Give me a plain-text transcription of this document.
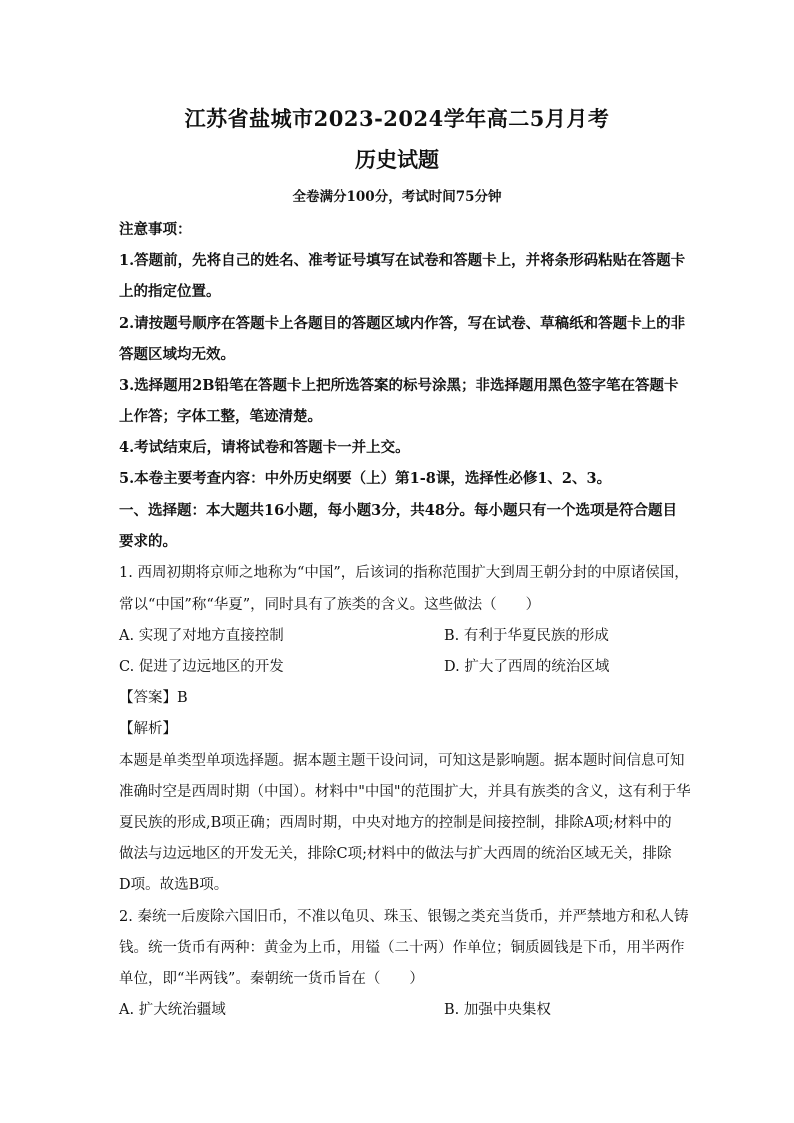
江苏省盐城市2023-2024学年高二5月月考
历史试题
全卷满分100分，考试时间75分钟
注意事项：
1.答题前，先将自己的姓名、准考证号填写在试卷和答题卡上，并将条形码粘贴在答题卡
上的指定位置。
2.请按题号顺序在答题卡上各题目的答题区域内作答，写在试卷、草稿纸和答题卡上的非
答题区域均无效。
3.选择题用2B铅笔在答题卡上把所选答案的标号涂黑；非选择题用黑色签字笔在答题卡
上作答；字体工整，笔迹清楚。
4.考试结束后，请将试卷和答题卡一并上交。
5.本卷主要考查内容：中外历史纲要（上）第1-8课，选择性必修1、2、3。
一、选择题：本大题共16小题，每小题3分，共48分。每小题只有一个选项是符合题目
要求的。
1. 西周初期将京师之地称为“中国”，后该词的指称范围扩大到周王朝分封的中原诸侯国，
常以“中国”称“华夏”，同时具有了族类的含义。这些做法（　　）
A. 实现了对地方直接控制	B. 有利于华夏民族的形成
C. 促进了边远地区的开发	D. 扩大了西周的统治区域
【答案】B
【解析】
本题是单类型单项选择题。据本题主题干设问词，可知这是影响题。据本题时间信息可知
准确时空是西周时期（中国）。材料中"中国"的范围扩大，并具有族类的含义，这有利于华
夏民族的形成,B项正确；西周时期，中央对地方的控制是间接控制，排除A项;材料中的
做法与边远地区的开发无关，排除C项;材料中的做法与扩大西周的统治区域无关，排除
D项。故选B项。
2. 秦统一后废除六国旧币，不准以龟贝、珠玉、银锡之类充当货币，并严禁地方和私人铸
钱。统一货币有两种：黄金为上币，用镒（二十两）作单位；铜质圆钱是下币，用半两作
单位，即“半两钱”。秦朝统一货币旨在（　　）
A. 扩大统治疆域	B. 加强中央集权
